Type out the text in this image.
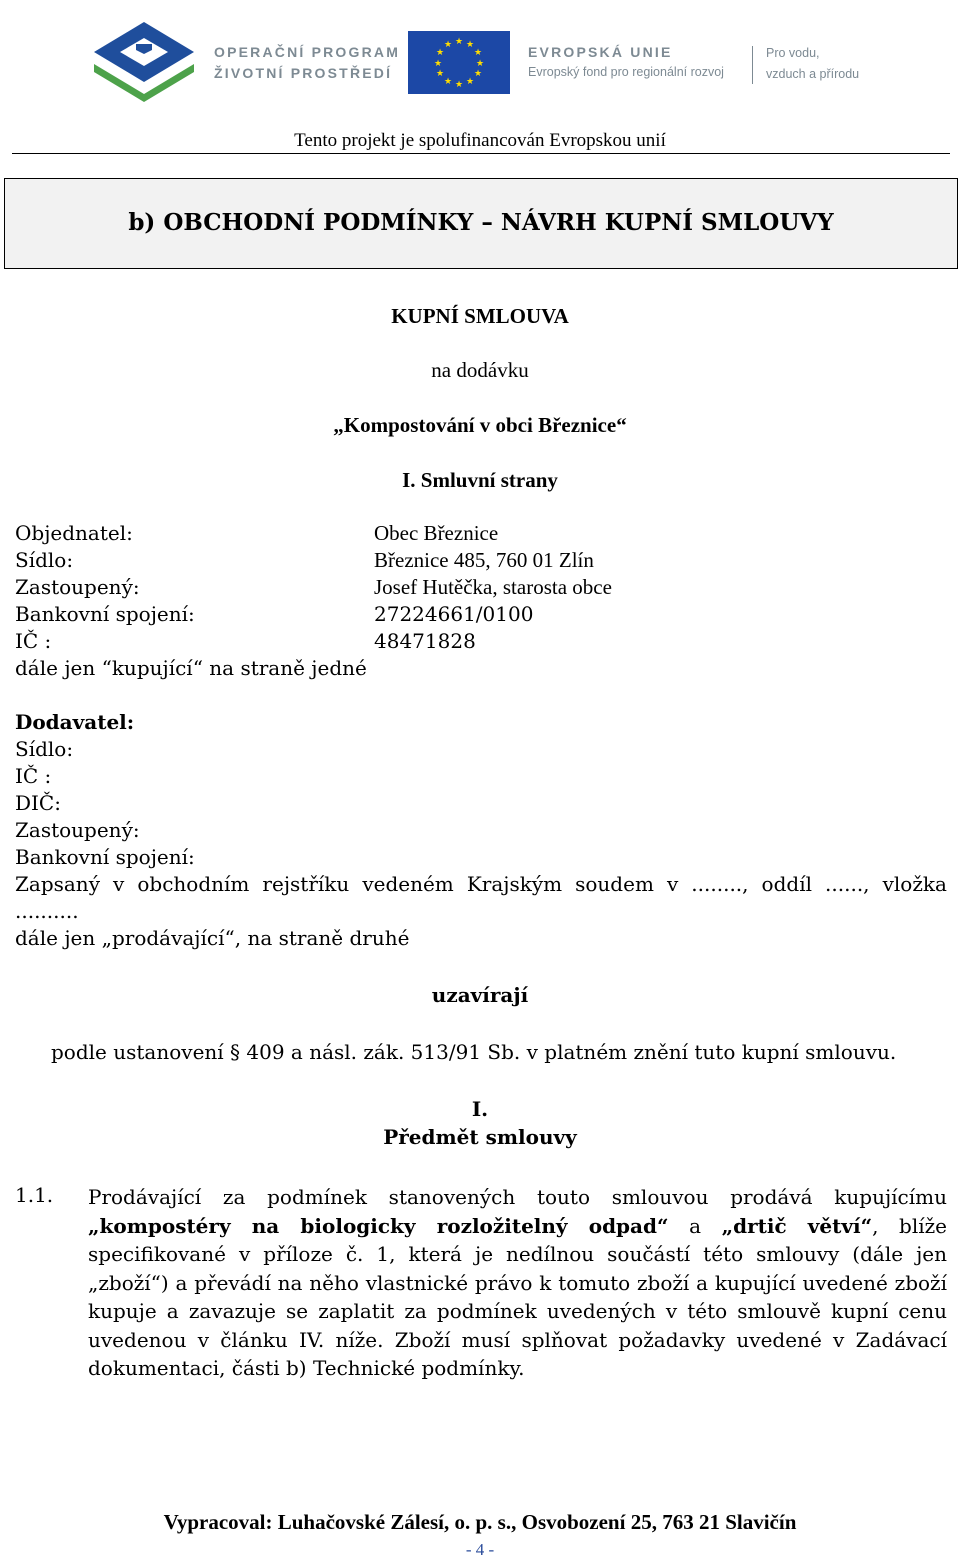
OPERAČNÍ PROGRAM
ŽIVOTNÍ PROSTŘEDÍ
★ ★
★
★
★
★
★
★
★
★
★
★	EVROPSKÁ UNIE
Evropský fond pro regionální rozvoj
Pro vodu,
vzduch a přírodu
Tento projekt je spolufinancován Evropskou unií
b) OBCHODNÍ PODMÍNKY – NÁVRH KUPNÍ SMLOUVY
KUPNÍ SMLOUVA
na dodávku
„Kompostování v obci Březnice“
I. Smluvní strany
Objednatel:	Obec Březnice
Sídlo:	Březnice 485, 760 01 Zlín
Zastoupený:	Josef Hutěčka, starosta obce
Bankovní spojení:	27224661/0100
IČ :	48471828
dále jen “kupující“ na straně jedné
Dodavatel:
Sídlo:
IČ :
DIČ:
Zastoupený:
Bankovní spojení:
Zapsaný v obchodním rejstříku vedeném Krajským soudem v ........, oddíl ......, vložka
..........
dále jen „prodávající“, na straně druhé
uzavírají
podle ustanovení § 409 a násl. zák. 513/91 Sb. v platném znění tuto kupní smlouvu.
I.
Předmět smlouvy
1.1. Prodávající za podmínek stanovených touto smlouvou prodává kupujícímu „kompostéry na biologicky rozložitelný odpad“ a „drtič větví“, blíže specifikované v příloze č. 1, která je nedílnou součástí této smlouvy (dále jen „zboží“) a převádí na něho vlastnické právo k tomuto zboží a kupující uvedené zboží kupuje a zavazuje se zaplatit za podmínek uvedených v této smlouvě kupní cenu uvedenou v článku IV. níže. Zboží musí splňovat požadavky uvedené v Zadávací dokumentaci, části b) Technické podmínky.
Vypracoval: Luhačovské Zálesí, o. p. s., Osvobození 25, 763 21 Slavičín
- 4 -
